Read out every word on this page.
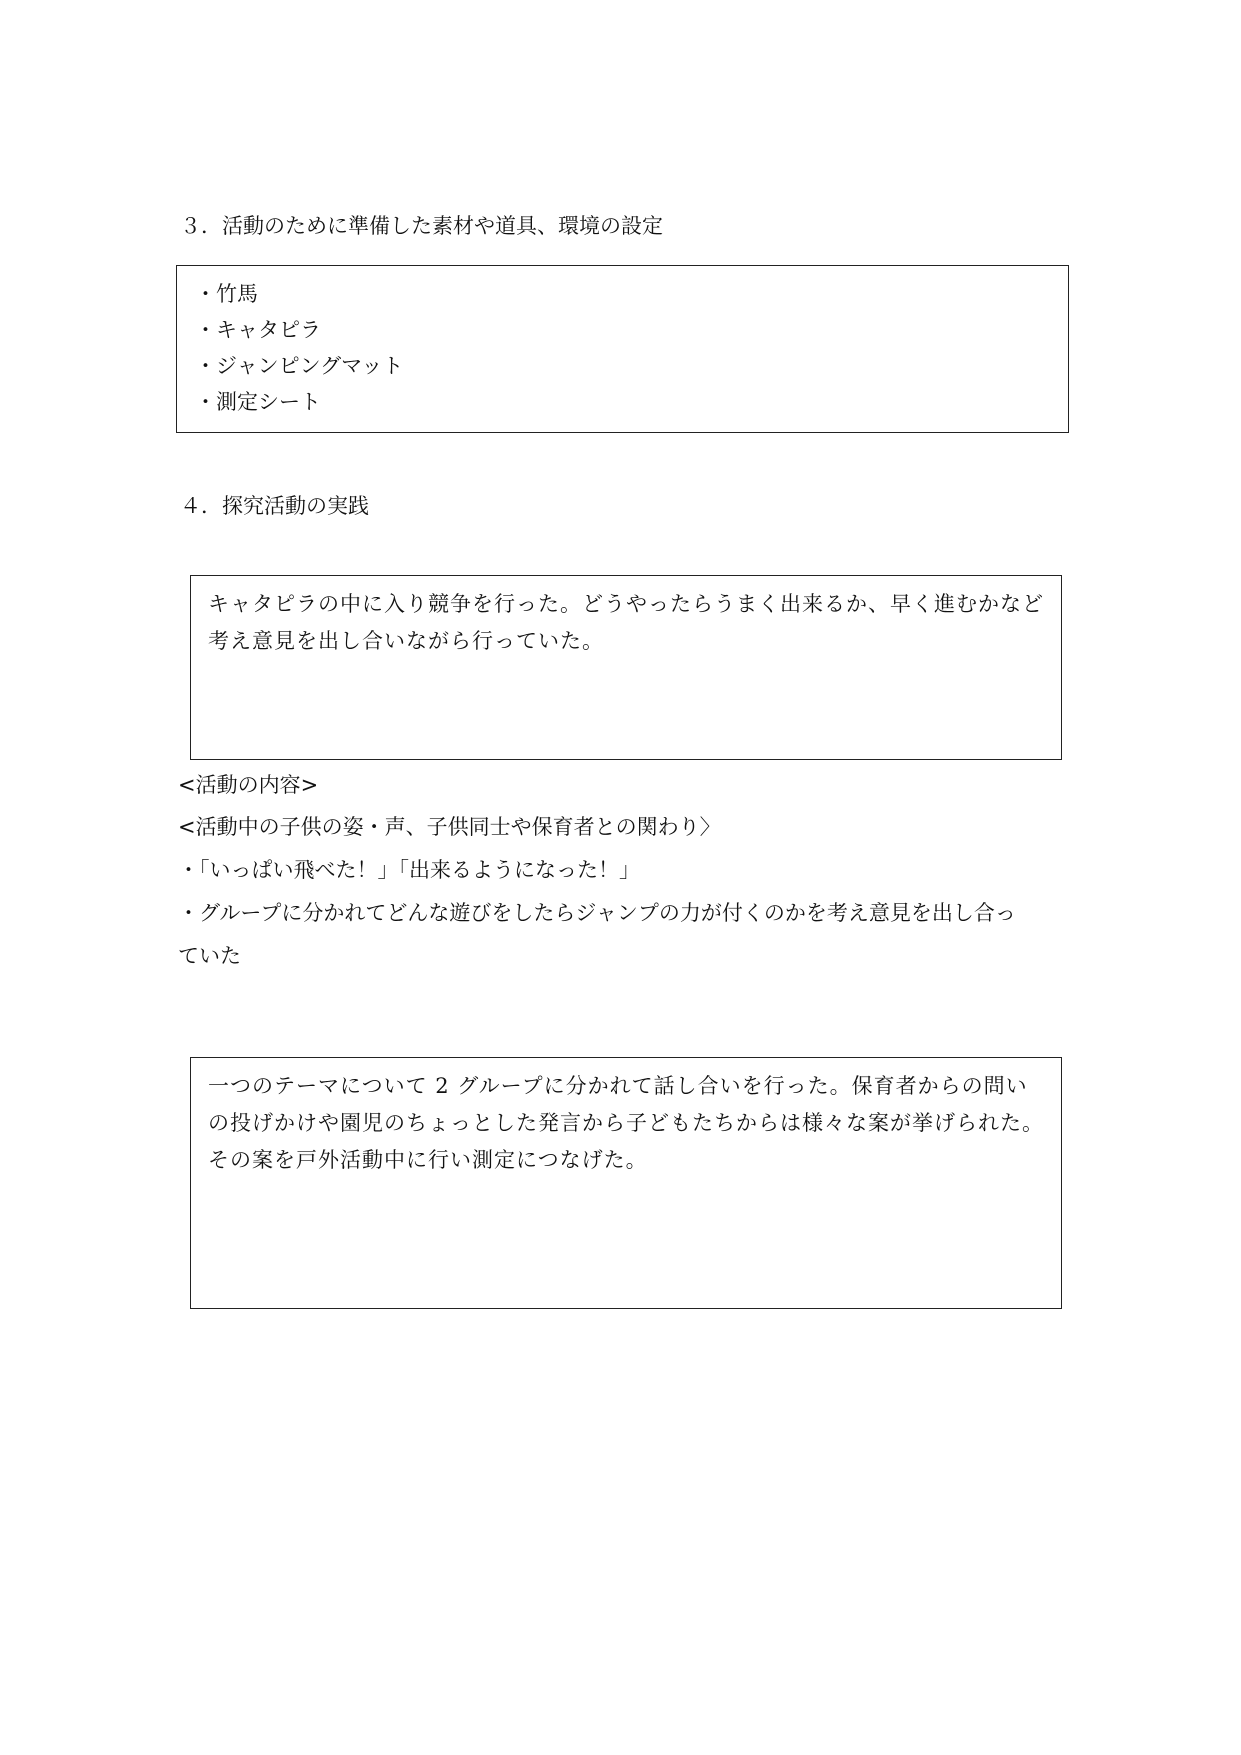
３．活動のために準備した素材や道具、環境の設定
・竹馬
・キャタピラ
・ジャンピングマット
・測定シート
４．探究活動の実践

キャタピラの中に入り競争を行った。どうやったらうまく出来るか、早く進むかなど考え意見を出し合いながら行っていた。

<活動の内容>
<活動中の子供の姿・声、子供同士や保育者との関わり〉
・「いっぱい飛べた！」「出来るようになった！」
・グループに分かれてどんな遊びをしたらジャンプの力が付くのかを考え意見を出し合っ
ていた

一つのテーマについて 2 グループに分かれて話し合いを行った。保育者からの問いの投げかけや園児のちょっとした発言から子どもたちからは様々な案が挙げられた。その案を戸外活動中に行い測定につなげた。
